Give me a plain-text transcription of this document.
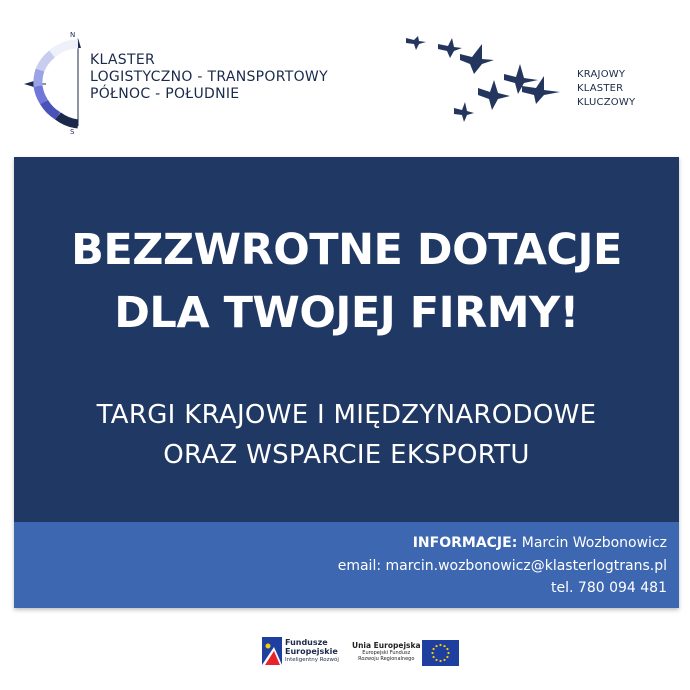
N
S
KLASTER
LOGISTYCZNO - TRANSPORTOWY
PÓŁNOC - POŁUDNIE
KRAJOWY
KLASTER
KLUCZOWY
BEZZWROTNE DOTACJE
DLA TWOJEJ FIRMY!
TARGI KRAJOWE I MIĘDZYNARODOWE
ORAZ WSPARCIE EKSPORTU
INFORMACJE: Marcin Wozbonowicz
email: marcin.wozbonowicz@klasterlogtrans.pl
tel. 780 094 481
Fundusze
Europejskie
Inteligentny Rozwój
Unia Europejska
Europejski Fundusz
Rozwoju Regionalnego
